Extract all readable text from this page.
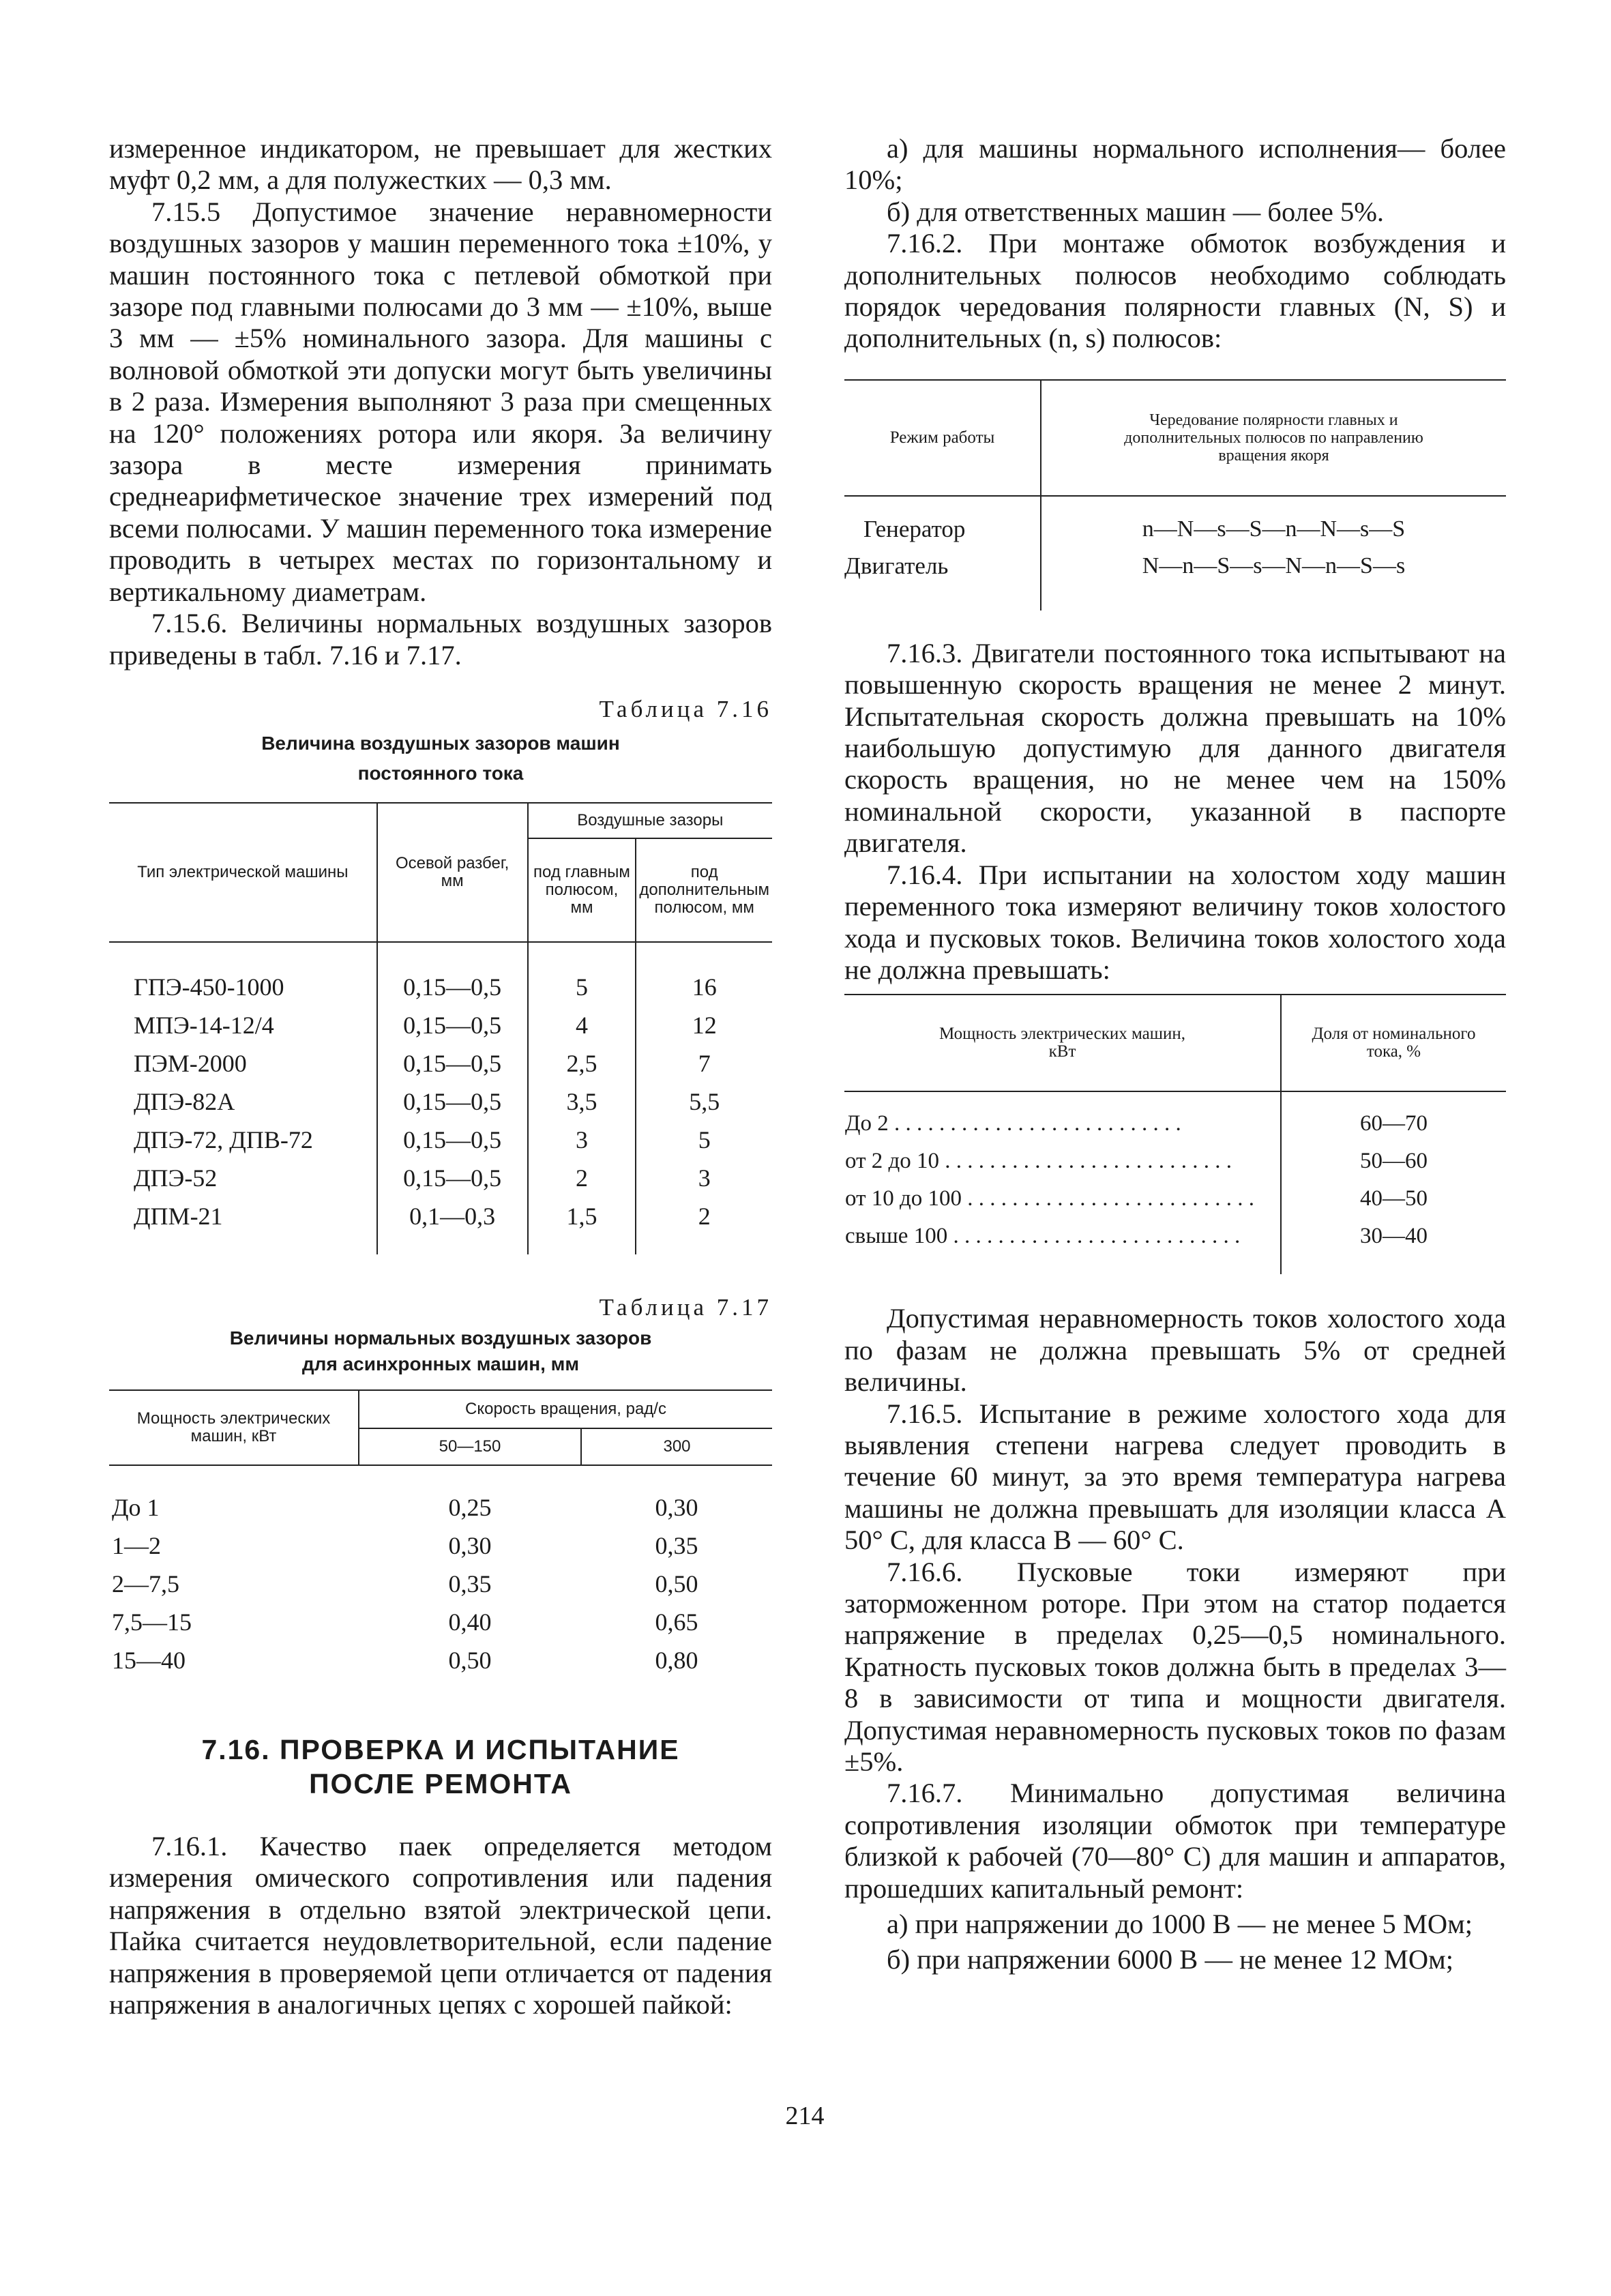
измеренное индикатором, не превышает для жестких муфт 0,2 мм, а для полужестких — 0,3 мм.

7.15.5 Допустимое значение неравномерности воздушных зазоров у машин переменного тока ±10%, у машин постоянного тока с петлевой обмоткой при зазоре под главными полюсами до 3 мм — ±10%, выше 3 мм — ±5% номинального зазора. Для машины с волновой обмоткой эти допуски могут быть увеличины в 2 раза. Измерения выполняют 3 раза при смещенных на 120° положениях ротора или якоря. За величину зазора в месте измерения принимать среднеарифметическое значение трех измерений под всеми полюсами. У машин переменного тока измерение проводить в четырех местах по горизонтальному и вертикальному диаметрам.

7.15.6. Величины нормальных воздушных зазоров приведены в табл. 7.16 и 7.17.

Таблица 7.16

Величина воздушных зазоров машин

постоянного тока

Тип электрической машины	Осевой разбег, мм	Воздушные зазоры	
		под главным полюсом, мм	под дополнительным полюсом, мм

ГПЭ-450-1000	0,15—0,5	5	16
МПЭ-14-12/4	0,15—0,5	4	12
ПЭМ-2000	0,15—0,5	2,5	7
ДПЭ-82А	0,15—0,5	3,5	5,5
ДПЭ-72, ДПВ-72	0,15—0,5	3	5
ДПЭ-52	0,15—0,5	2	3
ДПМ-21	0,1—0,3	1,5	2

Таблица 7.17

Величины нормальных воздушных зазоров

для асинхронных машин, мм

Мощность электрических машин, кВт	Скорость вращения, рад/с	
	50—150	300

До 1	0,25	0,30
1—2	0,30	0,35
2—7,5	0,35	0,50
7,5—15	0,40	0,65
15—40	0,50	0,80
7.16. ПРОВЕРКА И ИСПЫТАНИЕ
ПОСЛЕ РЕМОНТА

7.16.1. Качество паек определяется методом измерения омического сопротивления или падения напряжения в отдельно взятой электрической цепи. Пайка считается неудовлетворительной, если падение напряжения в проверяемой цепи отличается от падения напряжения в аналогичных цепях с хорошей пайкой:

а) для машины нормального исполнения— более 10%;

б) для ответственных машин — более 5%.

7.16.2. При монтаже обмоток возбуждения и дополнительных полюсов необходимо соблюдать порядок чередования полярности главных (N, S) и дополнительных (n, s) полюсов:

Режим работы	Чередование полярности главных и дополнительных полюсов по направлению вращения якоря

Генератор	n—N—s—S—n—N—s—S
Двигатель	N—n—S—s—N—n—S—s

7.16.3. Двигатели постоянного тока испытывают на повышенную скорость вращения не менее 2 минут. Испытательная скорость должна превышать на 10% наибольшую допустимую для данного двигателя скорость вращения, но не менее чем на 150% номинальной скорости, указанной в паспорте двигателя.

7.16.4. При испытании на холостом ходу машин переменного тока измеряют величину токов холостого хода и пусковых токов. Величина токов холостого хода не должна превышать:

Мощность электрических машин, кВт	Доля от номинального тока, %

До 2 . . . . . . . . . . . . . . . . . . . . . . . . . .	60—70
от 2 до 10 . . . . . . . . . . . . . . . . . . . . . . . . . .	50—60
от 10 до 100 . . . . . . . . . . . . . . . . . . . . . . . . . .	40—50
свыше 100 . . . . . . . . . . . . . . . . . . . . . . . . . .	30—40

Допустимая неравномерность токов холостого хода по фазам не должна превышать 5% от средней величины.

7.16.5. Испытание в режиме холостого хода для выявления степени нагрева следует проводить в течение 60 минут, за это время температура нагрева машины не должна превышать для изоляции класса А 50° С, для класса В — 60° С.

7.16.6. Пусковые токи измеряют при заторможенном роторе. При этом на статор подается напряжение в пределах 0,25—0,5 номинального. Кратность пусковых токов должна быть в пределах 3—8 в зависимости от типа и мощности двигателя. Допустимая неравномерность пусковых токов по фазам ±5%.

7.16.7. Минимально допустимая величина сопротивления изоляции обмоток при температуре близкой к рабочей (70—80° С) для машин и аппаратов, прошедших капитальный ремонт:

а) при напряжении до 1000 В — не менее 5 МОм;

б) при напряжении 6000 В — не менее 12 МОм;

214
